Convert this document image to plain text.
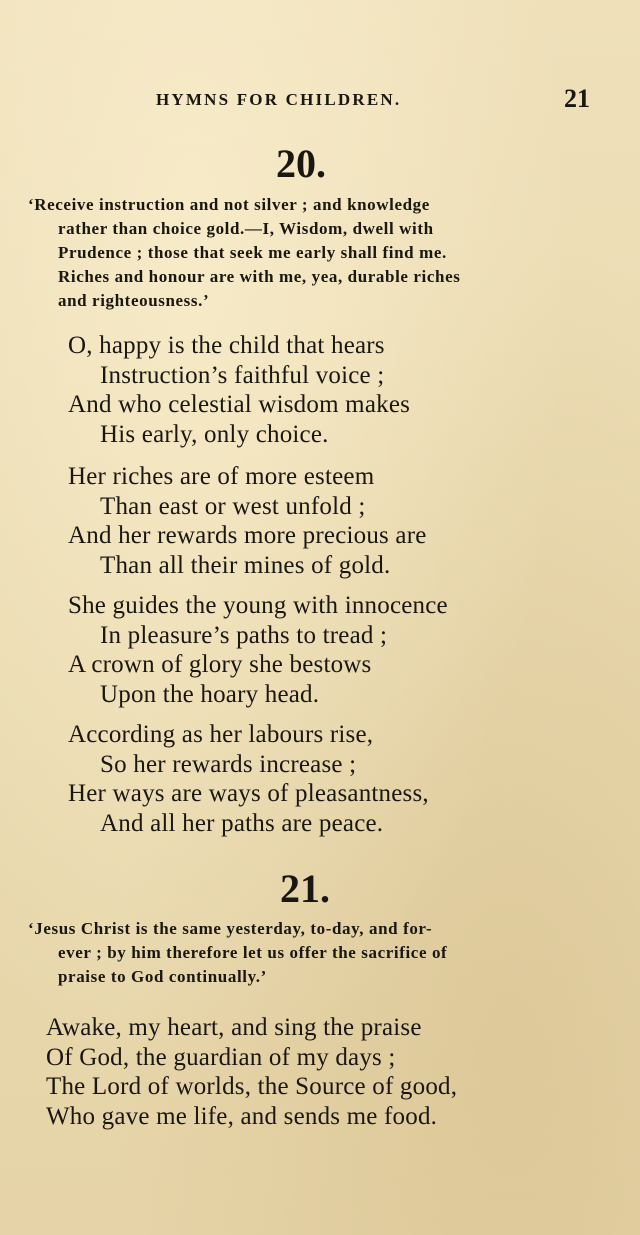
HYMNS FOR CHILDREN.	21
20.
‘Receive instruction and not silver ; and knowledge
rather than choice gold.—I, Wisdom, dwell with
Prudence ; those that seek me early shall find me.
Riches and honour are with me, yea, durable riches
and righteousness.’
O, happy is the child that hears
Instruction’s faithful voice ;
And who celestial wisdom makes
His early, only choice.
Her riches are of more esteem
Than east or west unfold ;
And her rewards more precious are
Than all their mines of gold.
She guides the young with innocence
In pleasure’s paths to tread ;
A crown of glory she bestows
Upon the hoary head.
According as her labours rise,
So her rewards increase ;
Her ways are ways of pleasantness,
And all her paths are peace.
21.
‘Jesus Christ is the same yesterday, to-day, and for-
ever ; by him therefore let us offer the sacrifice of
praise to God continually.’
Awake, my heart, and sing the praise
Of God, the guardian of my days ;
The Lord of worlds, the Source of good,
Who gave me life, and sends me food.
